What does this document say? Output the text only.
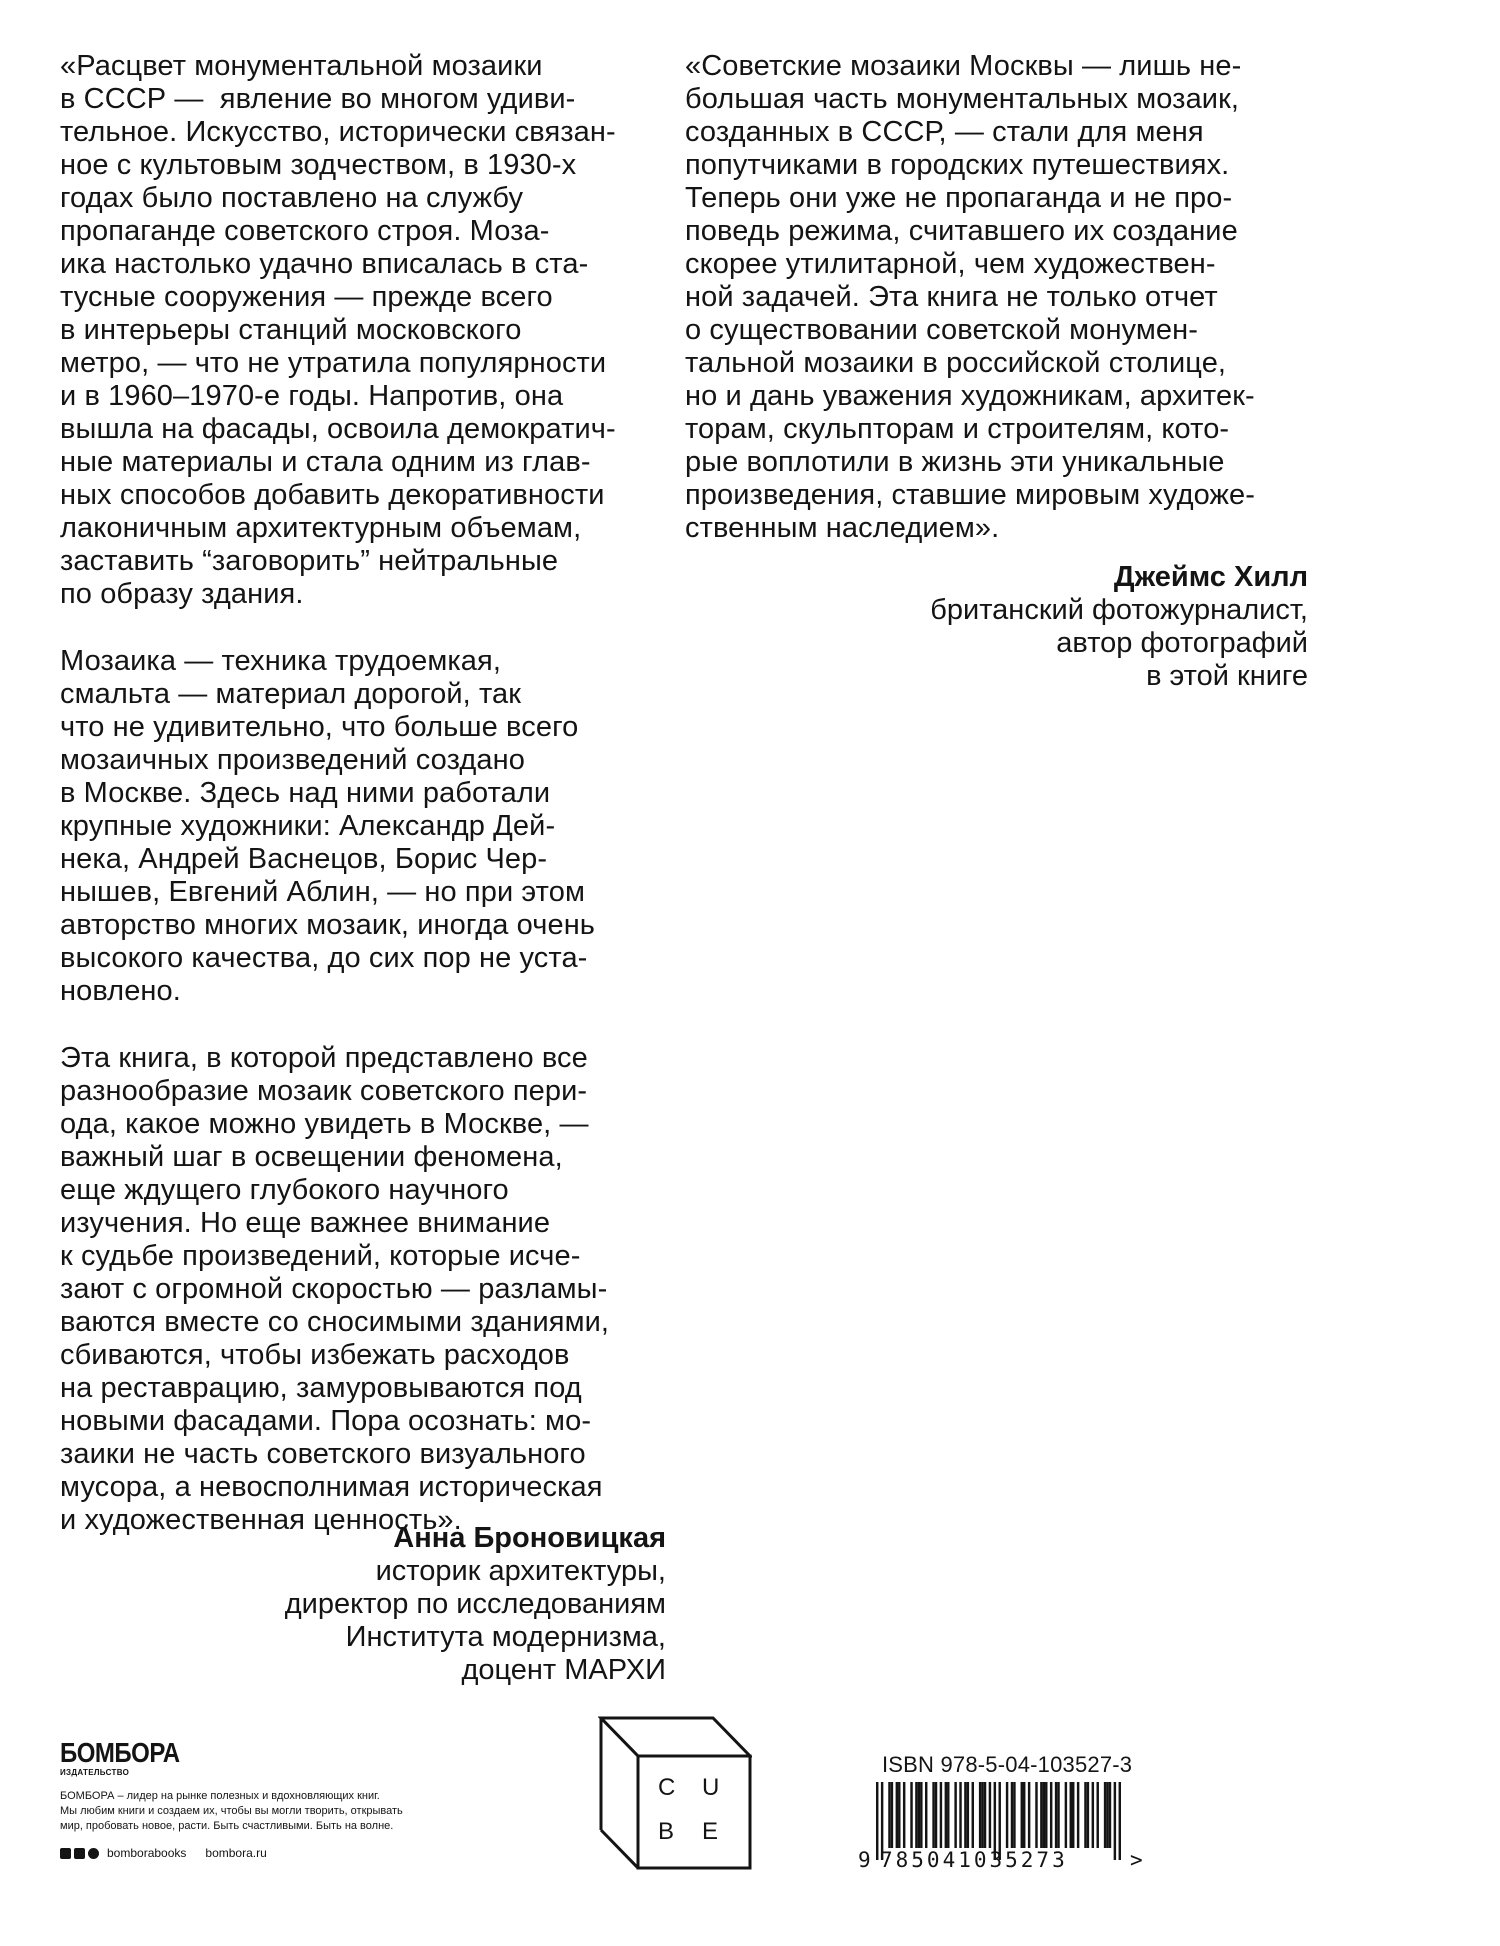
«Расцвет монументальной мозаики
в СССР —  явление во многом удиви-
тельное. Искусство, исторически связан-
ное с культовым зодчеством, в 1930-х
годах было поставлено на службу
пропаганде советского строя. Моза-
ика настолько удачно вписалась в ста-
тусные сооружения — прежде всего
в интерьеры станций московского
метро, — что не утратила популярности
и в 1960–1970-е годы. Напротив, она
вышла на фасады, освоила демократич-
ные материалы и стала одним из глав-
ных способов добавить декоративности
лаконичным архитектурным объемам,
заставить “заговорить” нейтральные
по образу здания.
Мозаика — техника трудоемкая,
смальта — материал дорогой, так
что не удивительно, что больше всего
мозаичных произведений создано
в Москве. Здесь над ними работали
крупные художники: Александр Дей-
нека, Андрей Васнецов, Борис Чер-
нышев, Евгений Аблин, — но при этом
авторство многих мозаик, иногда очень
высокого качества, до сих пор не уста-
новлено.
Эта книга, в которой представлено все
разнообразие мозаик советского пери-
ода, какое можно увидеть в Москве, —
важный шаг в освещении феномена,
еще ждущего глубокого научного
изучения. Но еще важнее внимание
к судьбе произведений, которые исче-
зают с огромной скоростью — разламы-
ваются вместе со сносимыми зданиями,
сбиваются, чтобы избежать расходов
на реставрацию, замуровываются под
новыми фасадами. Пора осознать: мо-
заики не часть советского визуального
мусора, а невосполнимая историческая
и художественная ценность».
Анна Броновицкая
историк архитектуры,
директор по исследованиям
Института модернизма,
доцент МАРХИ
«Советские мозаики Москвы — лишь не-
большая часть монументальных мозаик,
созданных в СССР, — стали для меня
попутчиками в городских путешествиях.
Теперь они уже не пропаганда и не про-
поведь режима, считавшего их создание
скорее утилитарной, чем художествен-
ной задачей. Эта книга не только отчет
о существовании советской монумен-
тальной мозаики в российской столице,
но и дань уважения художникам, архитек-
торам, скульпторам и строителям, кото-
рые воплотили в жизнь эти уникальные
произведения, ставшие мировым художе-
ственным наследием».
Джеймс Хилл
британский фотожурналист,
автор фотографий
в этой книге
БОМБОРА
ИЗДАТЕЛЬСТВО
БОМБОРА – лидер на рынке полезных и вдохновляющих книг.
Мы любим книги и создаем их, чтобы вы могли творить, открывать
мир, пробовать новое, расти. Быть счастливыми. Быть на волне.
bomborabooks bombora.ru
C U
B E
ISBN 978-5-04-103527-3
9 785041035273	>
